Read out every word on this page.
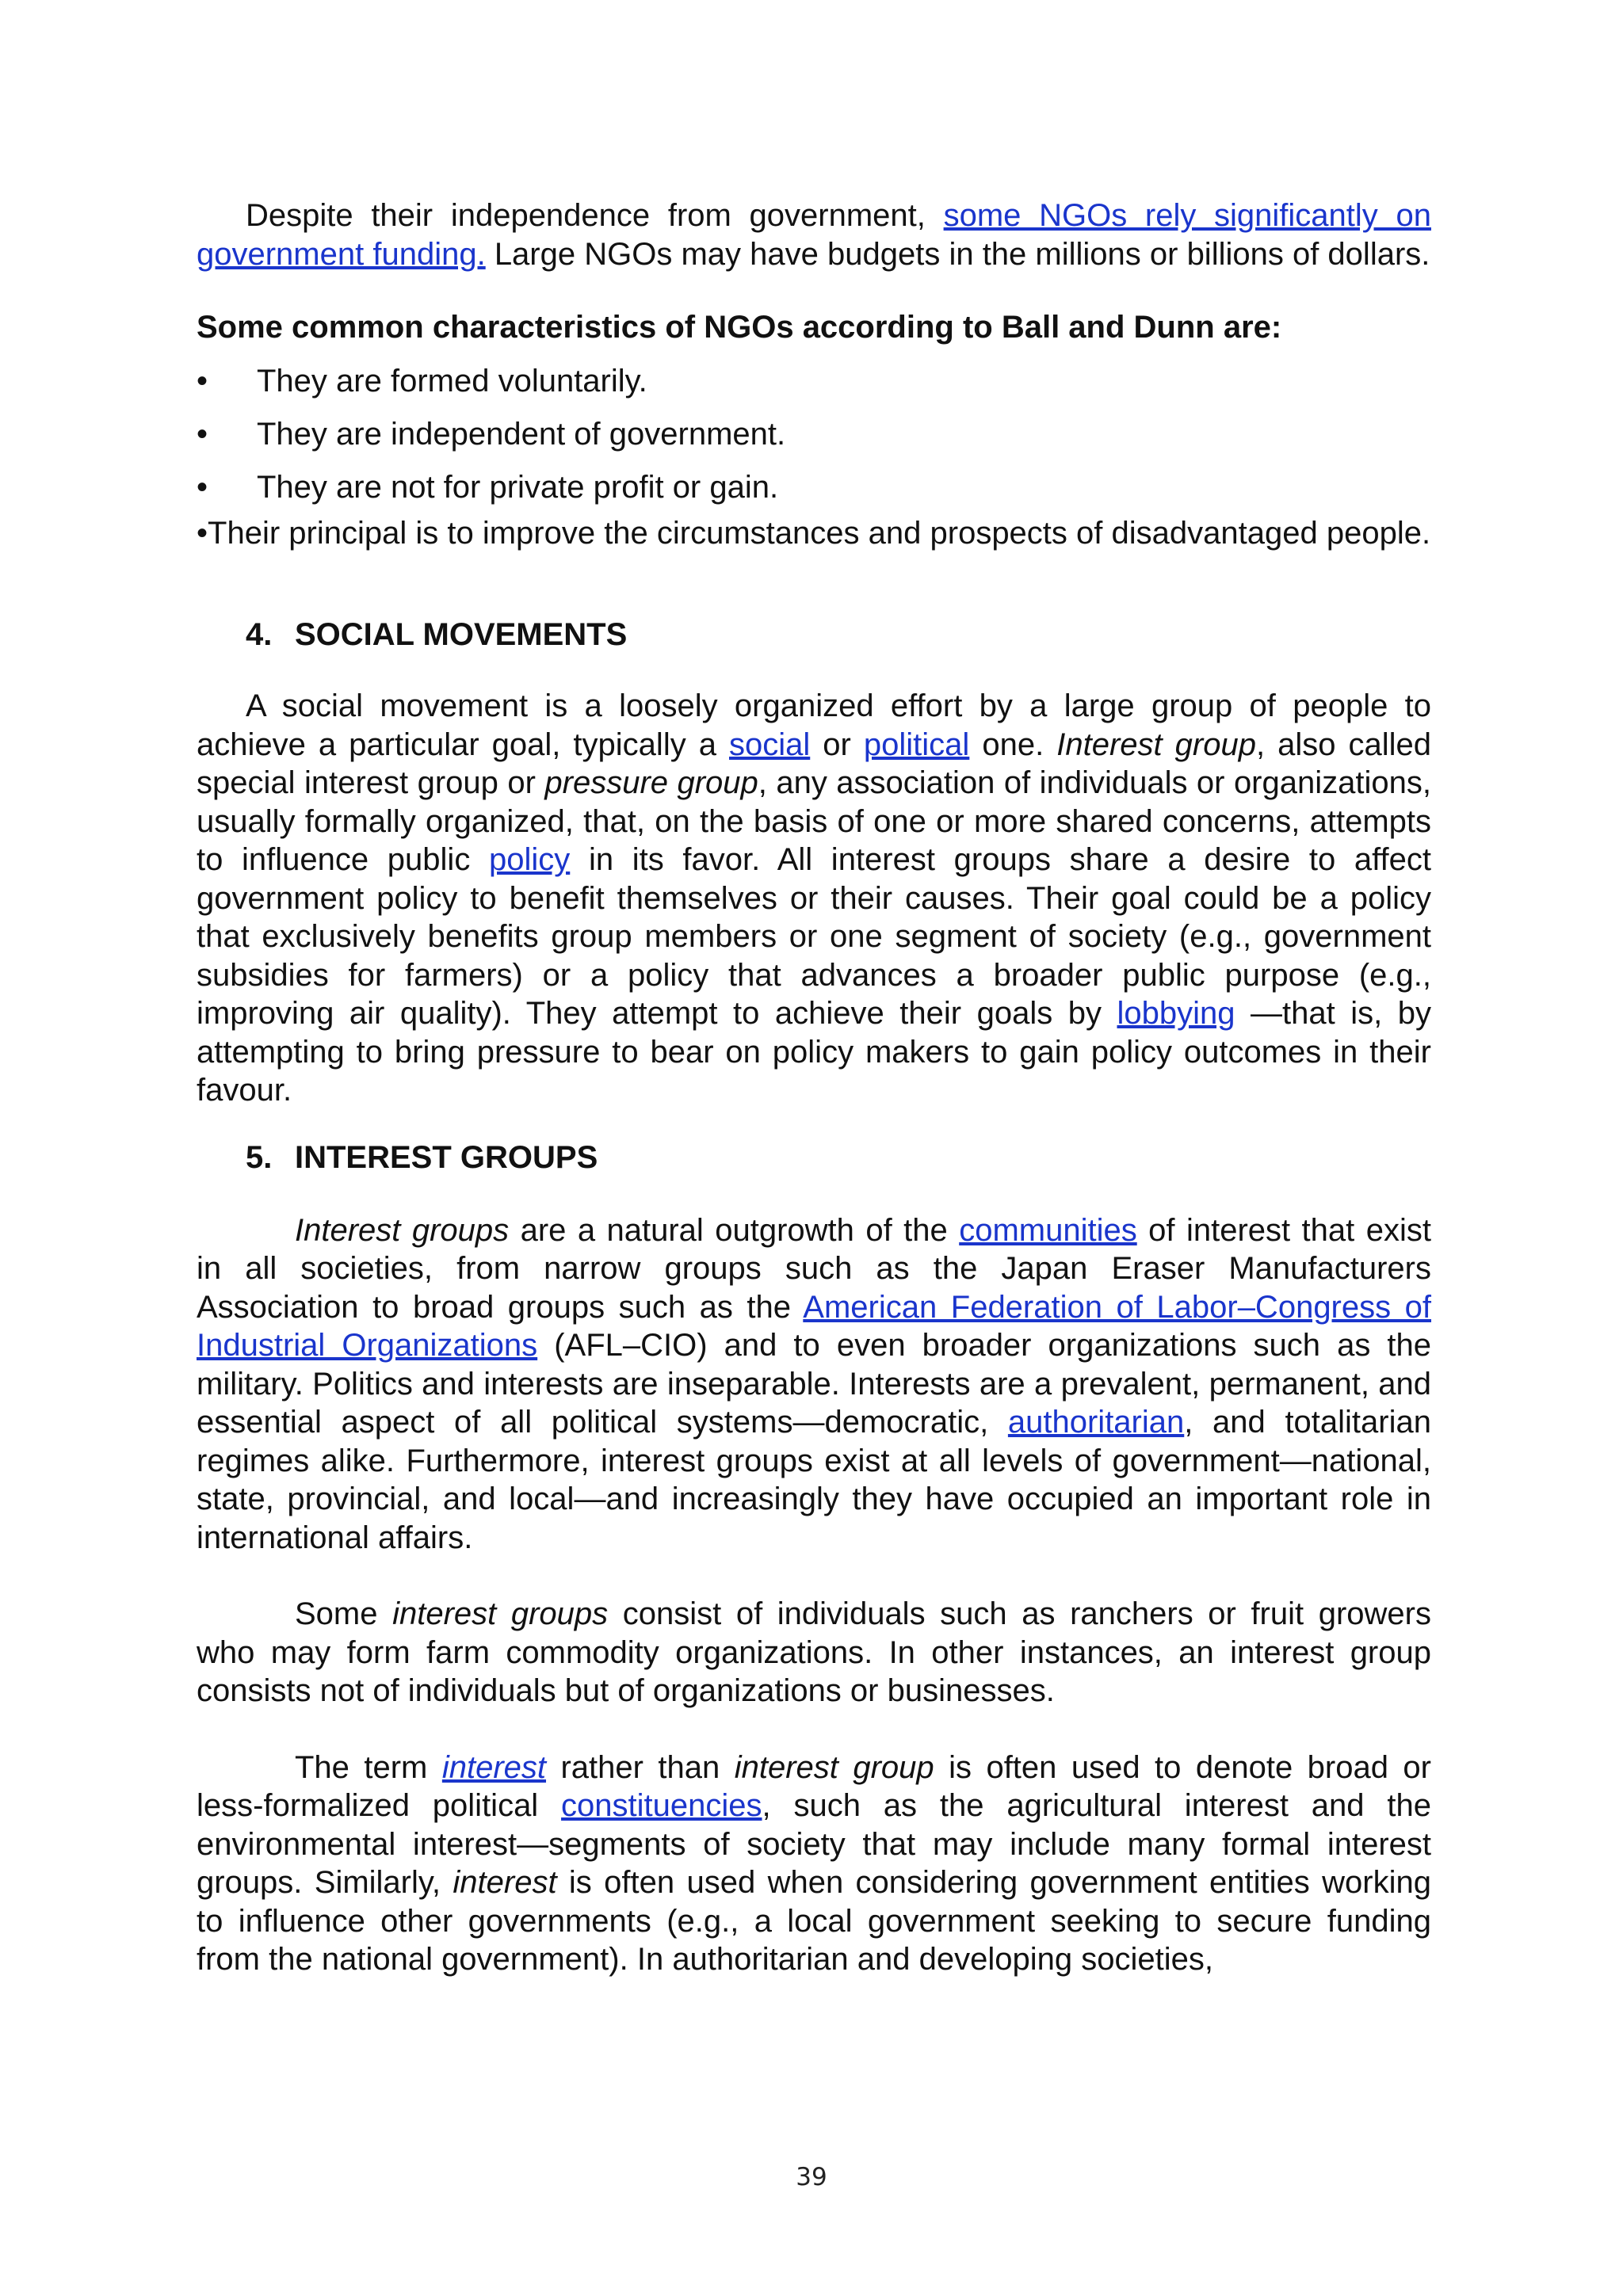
Despite their independence from government, some NGOs rely significantly on government funding. Large NGOs may have budgets in the millions or billions of dollars.

Some common characteristics of NGOs according to Ball and Dunn are:

•	They are formed voluntarily.
•	They are independent of government.
•	They are not for private profit or gain.

•Their principal is to improve the circumstances and prospects of disadvantaged people.

4. SOCIAL MOVEMENTS

A social movement is a loosely organized effort by a large group of people to achieve a particular goal, typically a social or political one. Interest group, also called special interest group or pressure group, any association of individuals or organizations, usually formally organized, that, on the basis of one or more shared concerns, attempts to influence public policy in its favor. All interest groups share a desire to affect government policy to benefit themselves or their causes. Their goal could be a policy that exclusively benefits group members or one segment of society (e.g., government subsidies for farmers) or a policy that advances a broader public purpose (e.g., improving air quality). They attempt to achieve their goals by lobbying —that is, by attempting to bring pressure to bear on policy makers to gain policy outcomes in their favour.

5. INTEREST GROUPS

Interest groups are a natural outgrowth of the communities of interest that exist in all societies, from narrow groups such as the Japan Eraser Manufacturers Association to broad groups such as the American Federation of Labor–Congress of Industrial Organizations (AFL–CIO) and to even broader organizations such as the military. Politics and interests are inseparable. Interests are a prevalent, permanent, and essential aspect of all political systems—democratic, authoritarian, and totalitarian regimes alike. Furthermore, interest groups exist at all levels of government—national, state, provincial, and local—and increasingly they have occupied an important role in international affairs.

Some interest groups consist of individuals such as ranchers or fruit growers who may form farm commodity organizations. In other instances, an interest group consists not of individuals but of organizations or businesses.

The term interest rather than interest group is often used to denote broad or less-formalized political constituencies, such as the agricultural interest and the environmental interest—segments of society that may include many formal interest groups. Similarly, interest is often used when considering government entities working to influence other governments (e.g., a local government seeking to secure funding from the national government). In authoritarian and developing societies,

39
